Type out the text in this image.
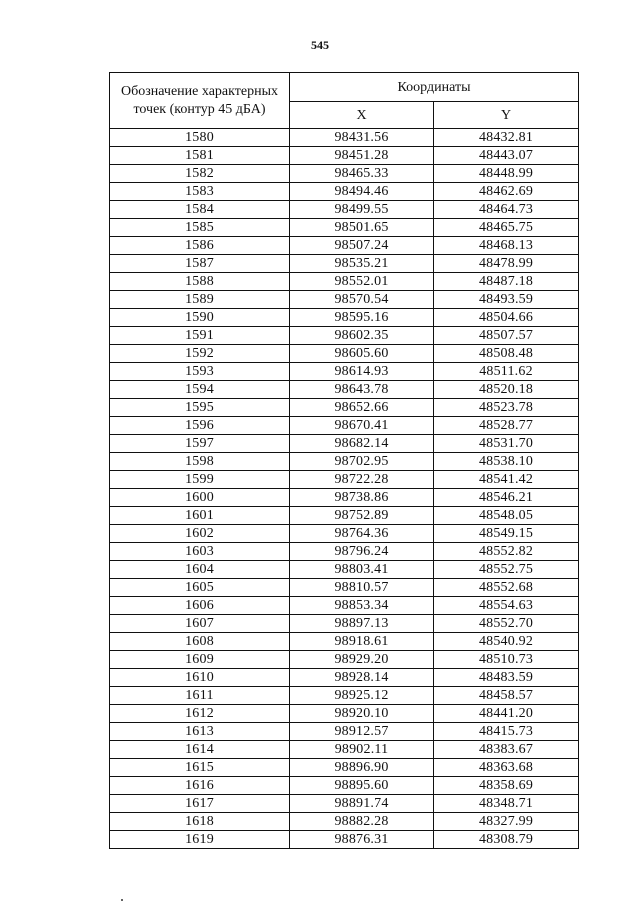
545
Обозначение характерных точек (контур 45 дБА)	Координаты	
	X	Y
1580	98431.56	48432.81
1581	98451.28	48443.07
1582	98465.33	48448.99
1583	98494.46	48462.69
1584	98499.55	48464.73
1585	98501.65	48465.75
1586	98507.24	48468.13
1587	98535.21	48478.99
1588	98552.01	48487.18
1589	98570.54	48493.59
1590	98595.16	48504.66
1591	98602.35	48507.57
1592	98605.60	48508.48
1593	98614.93	48511.62
1594	98643.78	48520.18
1595	98652.66	48523.78
1596	98670.41	48528.77
1597	98682.14	48531.70
1598	98702.95	48538.10
1599	98722.28	48541.42
1600	98738.86	48546.21
1601	98752.89	48548.05
1602	98764.36	48549.15
1603	98796.24	48552.82
1604	98803.41	48552.75
1605	98810.57	48552.68
1606	98853.34	48554.63
1607	98897.13	48552.70
1608	98918.61	48540.92
1609	98929.20	48510.73
1610	98928.14	48483.59
1611	98925.12	48458.57
1612	98920.10	48441.20
1613	98912.57	48415.73
1614	98902.11	48383.67
1615	98896.90	48363.68
1616	98895.60	48358.69
1617	98891.74	48348.71
1618	98882.28	48327.99
1619	98876.31	48308.79
